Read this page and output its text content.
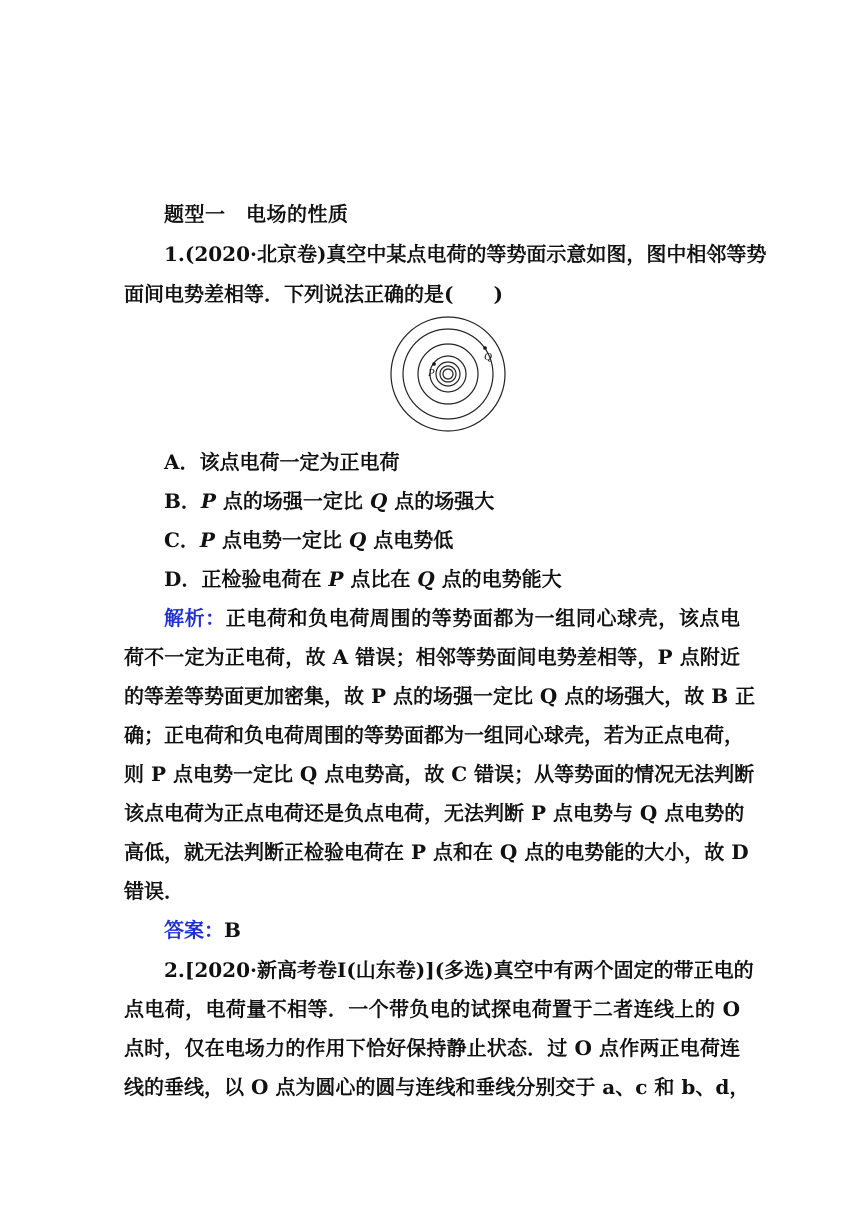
题型一　电场的性质
1.(2020·北京卷)真空中某点电荷的等势面示意如图，图中相邻等势
面间电势差相等．下列说法正确的是(　　)
P
Q
A．该点电荷一定为正电荷
B．P 点的场强一定比 Q 点的场强大
C．P 点电势一定比 Q 点电势低
D．正检验电荷在 P 点比在 Q 点的电势能大
解析：正电荷和负电荷周围的等势面都为一组同心球壳，该点电
荷不一定为正电荷，故 A 错误；相邻等势面间电势差相等，P 点附近
的等差等势面更加密集，故 P 点的场强一定比 Q 点的场强大，故 B 正
确；正电荷和负电荷周围的等势面都为一组同心球壳，若为正点电荷，
则 P 点电势一定比 Q 点电势高，故 C 错误；从等势面的情况无法判断
该点电荷为正点电荷还是负点电荷，无法判断 P 点电势与 Q 点电势的
高低，就无法判断正检验电荷在 P 点和在 Q 点的电势能的大小，故 D
错误．
答案：B
2.[2020·新高考卷Ⅰ(山东卷)](多选)真空中有两个固定的带正电的
点电荷，电荷量不相等．一个带负电的试探电荷置于二者连线上的 O
点时，仅在电场力的作用下恰好保持静止状态．过 O 点作两正电荷连
线的垂线，以 O 点为圆心的圆与连线和垂线分别交于 a、c 和 b、d，
